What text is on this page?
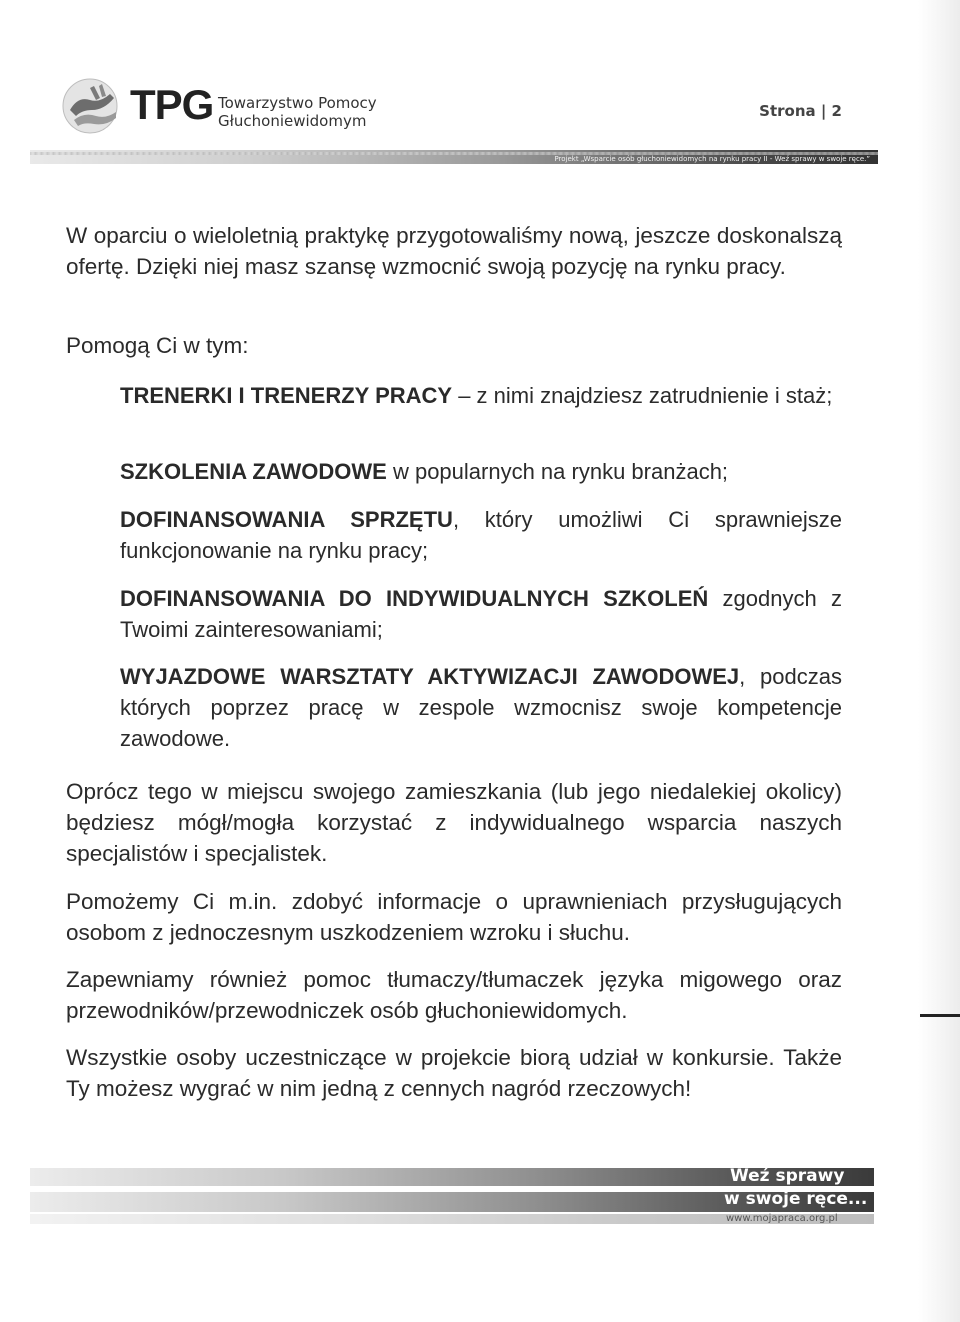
TPG Towarzystwo Pomocy
Głuchoniewidomym
Strona | 2
Projekt „Wsparcie osób głuchoniewidomych na rynku pracy II - Weź sprawy w swoje ręce.”

W oparciu o wieloletnią praktykę przygotowaliśmy nową, jeszcze doskonalszą ofertę. Dzięki niej masz szansę wzmocnić swoją pozycję na rynku pracy.

Pomogą Ci w tym:

TRENERKI I TRENERZY PRACY – z nimi znajdziesz zatrudnienie i staż;
SZKOLENIA ZAWODOWE w popularnych na rynku branżach;
DOFINANSOWANIA SPRZĘTU, który umożliwi Ci sprawniejsze funkcjonowanie na rynku pracy;
DOFINANSOWANIA DO INDYWIDUALNYCH SZKOLEŃ zgodnych z Twoimi zainteresowaniami;
WYJAZDOWE WARSZTATY AKTYWIZACJI ZAWODOWEJ, podczas których poprzez pracę w zespole wzmocnisz swoje kompetencje zawodowe.

Oprócz tego w miejscu swojego zamieszkania (lub jego niedalekiej okolicy) będziesz mógł/mogła korzystać z indywidualnego wsparcia naszych specjalistów i specjalistek.

Pomożemy Ci m.in. zdobyć informacje o uprawnieniach przysługujących osobom z jednoczesnym uszkodzeniem wzroku i słuchu.

Zapewniamy również pomoc tłumaczy/tłumaczek języka migowego oraz przewodników/przewodniczek osób głuchoniewidomych.

Wszystkie osoby uczestniczące w projekcie biorą udział w konkursie. Także Ty możesz wygrać w nim jedną z cennych nagród rzeczowych!

Weź sprawy
w swoje ręce...
www.mojapraca.org.pl
